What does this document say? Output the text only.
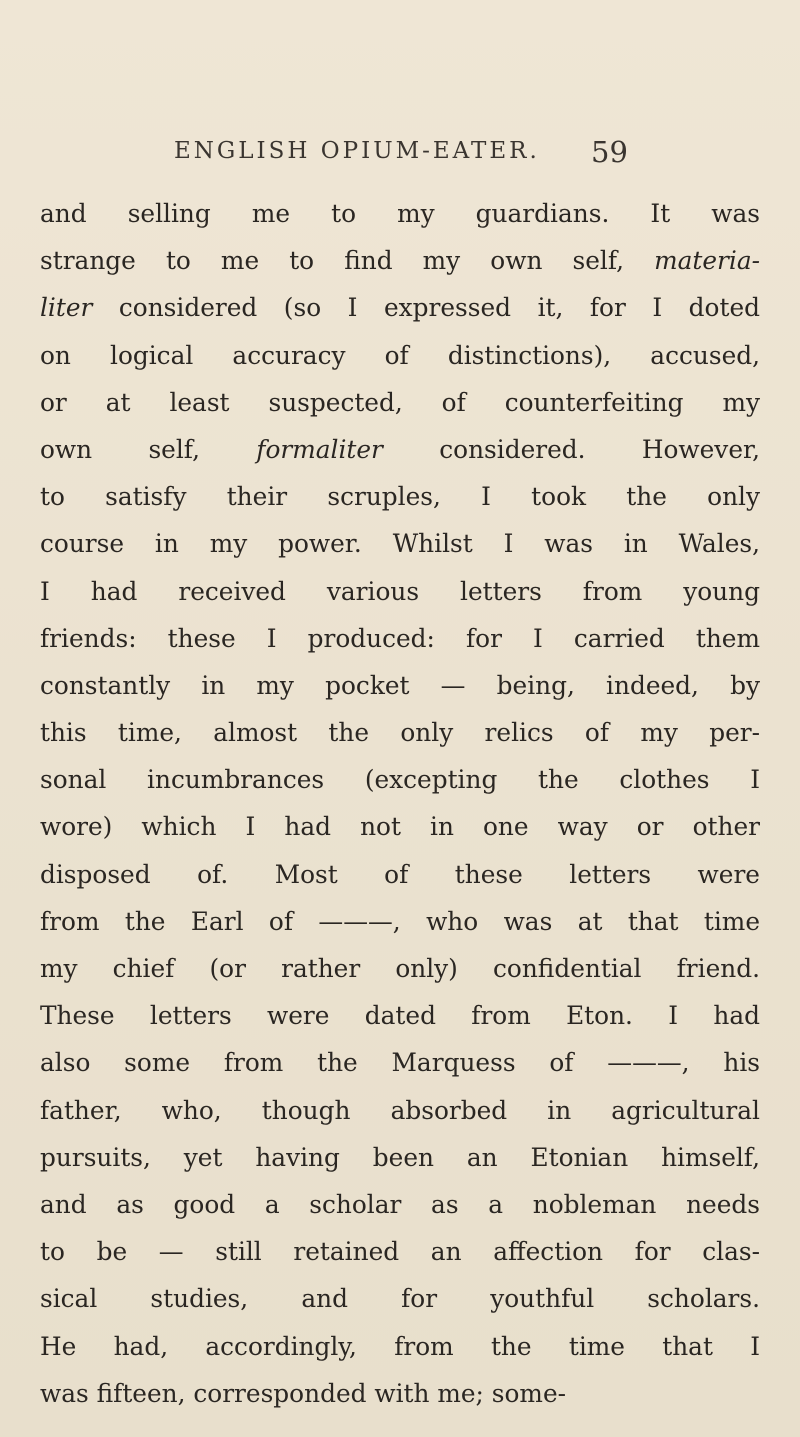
ENGLISH OPIUM-EATER. 59
and selling me to my guardians. It was
strange to me to find my own self, materia-
liter considered (so I expressed it, for I doted
on logical accuracy of distinctions), accused,
or at least suspected, of counterfeiting my
own self, formaliter considered. However,
to satisfy their scruples, I took the only
course in my power. Whilst I was in Wales,
I had received various letters from young
friends: these I produced: for I carried them
constantly in my pocket — being, indeed, by
this time, almost the only relics of my per-
sonal incumbrances (excepting the clothes I
wore) which I had not in one way or other
disposed of. Most of these letters were
from the Earl of ———, who was at that time
my chief (or rather only) confidential friend.
These letters were dated from Eton. I had
also some from the Marquess of ———, his
father, who, though absorbed in agricultural
pursuits, yet having been an Etonian himself,
and as good a scholar as a nobleman needs
to be — still retained an affection for clas-
sical studies, and for youthful scholars.
He had, accordingly, from the time that I
was fifteen, corresponded with me; some-
